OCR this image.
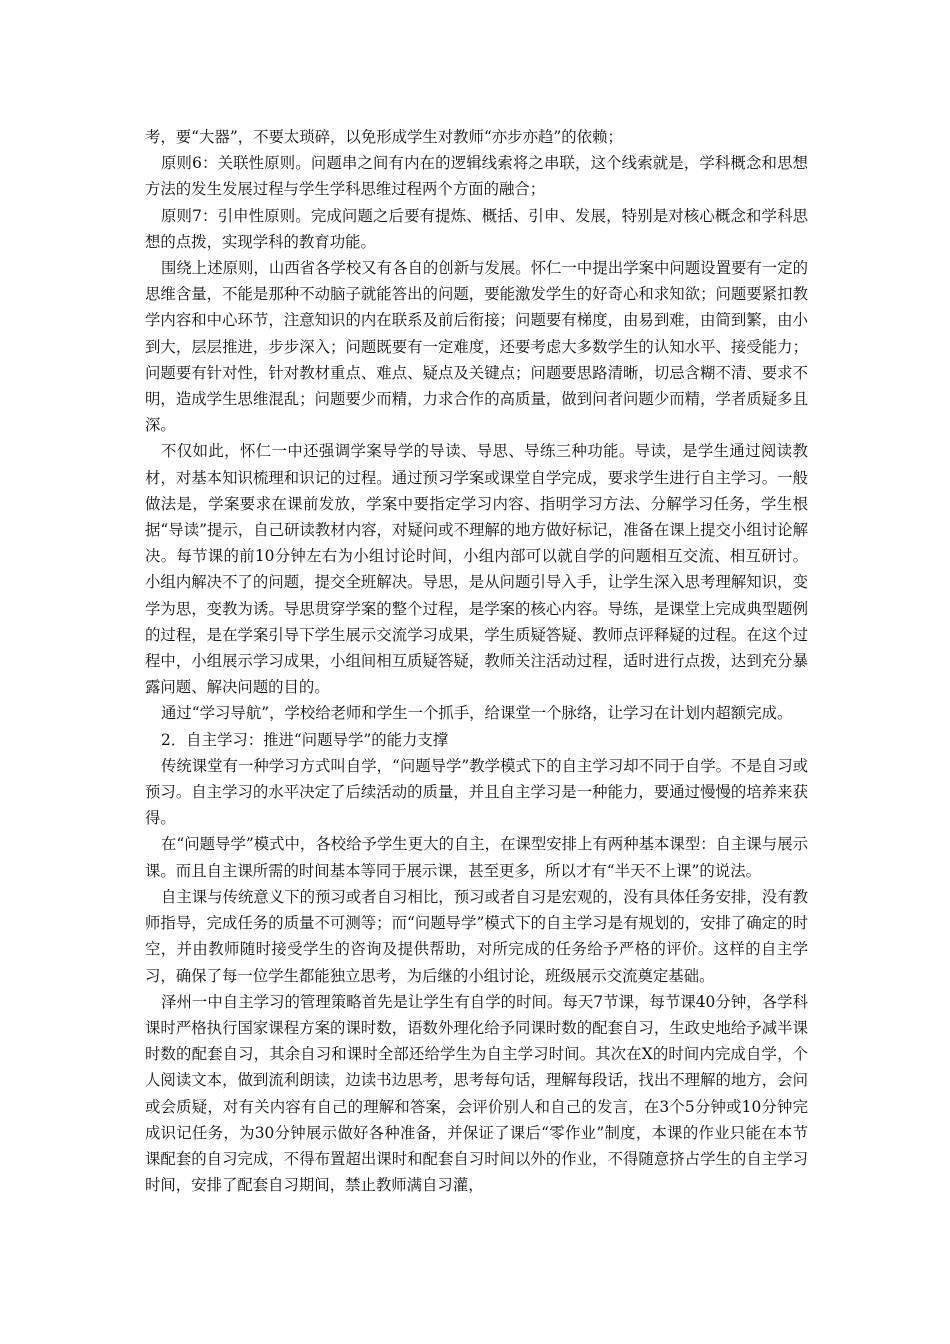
考，要“大器”，不要太琐碎，以免形成学生对教师“亦步亦趋”的依赖；

原则6：关联性原则。问题串之间有内在的逻辑线索将之串联，这个线索就是，学科概念和思想方法的发生发展过程与学生学科思维过程两个方面的融合；

原则7：引申性原则。完成问题之后要有提炼、概括、引申、发展，特别是对核心概念和学科思想的点拨，实现学科的教育功能。

围绕上述原则，山西省各学校又有各自的创新与发展。怀仁一中提出学案中问题设置要有一定的思维含量，不能是那种不动脑子就能答出的问题，要能激发学生的好奇心和求知欲；问题要紧扣教学内容和中心环节，注意知识的内在联系及前后衔接；问题要有梯度，由易到难，由简到繁，由小到大，层层推进，步步深入；问题既要有一定难度，还要考虑大多数学生的认知水平、接受能力；问题要有针对性，针对教材重点、难点、疑点及关键点；问题要思路清晰，切忌含糊不清、要求不明，造成学生思维混乱；问题要少而精，力求合作的高质量，做到问者问题少而精，学者质疑多且深。

不仅如此，怀仁一中还强调学案导学的导读、导思、导练三种功能。导读，是学生通过阅读教材，对基本知识梳理和识记的过程。通过预习学案或课堂自学完成，要求学生进行自主学习。一般做法是，学案要求在课前发放，学案中要指定学习内容、指明学习方法、分解学习任务，学生根据“导读”提示，自己研读教材内容，对疑问或不理解的地方做好标记，准备在课上提交小组讨论解决。每节课的前10分钟左右为小组讨论时间，小组内部可以就自学的问题相互交流、相互研讨。小组内解决不了的问题，提交全班解决。导思，是从问题引导入手，让学生深入思考理解知识，变学为思，变教为诱。导思贯穿学案的整个过程，是学案的核心内容。导练，是课堂上完成典型题例的过程，是在学案引导下学生展示交流学习成果，学生质疑答疑、教师点评释疑的过程。在这个过程中，小组展示学习成果，小组间相互质疑答疑，教师关注活动过程，适时进行点拨，达到充分暴露问题、解决问题的目的。

通过“学习导航”，学校给老师和学生一个抓手，给课堂一个脉络，让学习在计划内超额完成。

2．自主学习：推进“问题导学”的能力支撑

传统课堂有一种学习方式叫自学，“问题导学”教学模式下的自主学习却不同于自学。不是自习或预习。自主学习的水平决定了后续活动的质量，并且自主学习是一种能力，要通过慢慢的培养来获得。

在“问题导学”模式中，各校给予学生更大的自主，在课型安排上有两种基本课型：自主课与展示课。而且自主课所需的时间基本等同于展示课，甚至更多，所以才有“半天不上课”的说法。

自主课与传统意义下的预习或者自习相比，预习或者自习是宏观的，没有具体任务安排，没有教师指导，完成任务的质量不可测等；而“问题导学”模式下的自主学习是有规划的，安排了确定的时空，并由教师随时接受学生的咨询及提供帮助，对所完成的任务给予严格的评价。这样的自主学习，确保了每一位学生都能独立思考，为后继的小组讨论，班级展示交流奠定基础。

泽州一中自主学习的管理策略首先是让学生有自学的时间。每天7节课，每节课40分钟，各学科课时严格执行国家课程方案的课时数，语数外理化给予同课时数的配套自习，生政史地给予减半课时数的配套自习，其余自习和课时全部还给学生为自主学习时间。其次在X的时间内完成自学，个人阅读文本，做到流利朗读，边读书边思考，思考每句话，理解每段话，找出不理解的地方，会问或会质疑，对有关内容有自己的理解和答案，会评价别人和自己的发言，在3个5分钟或10分钟完成识记任务，为30分钟展示做好各种准备，并保证了课后“零作业”制度，本课的作业只能在本节课配套的自习完成，不得布置超出课时和配套自习时间以外的作业，不得随意挤占学生的自主学习时间，安排了配套自习期间，禁止教师满自习灌，
